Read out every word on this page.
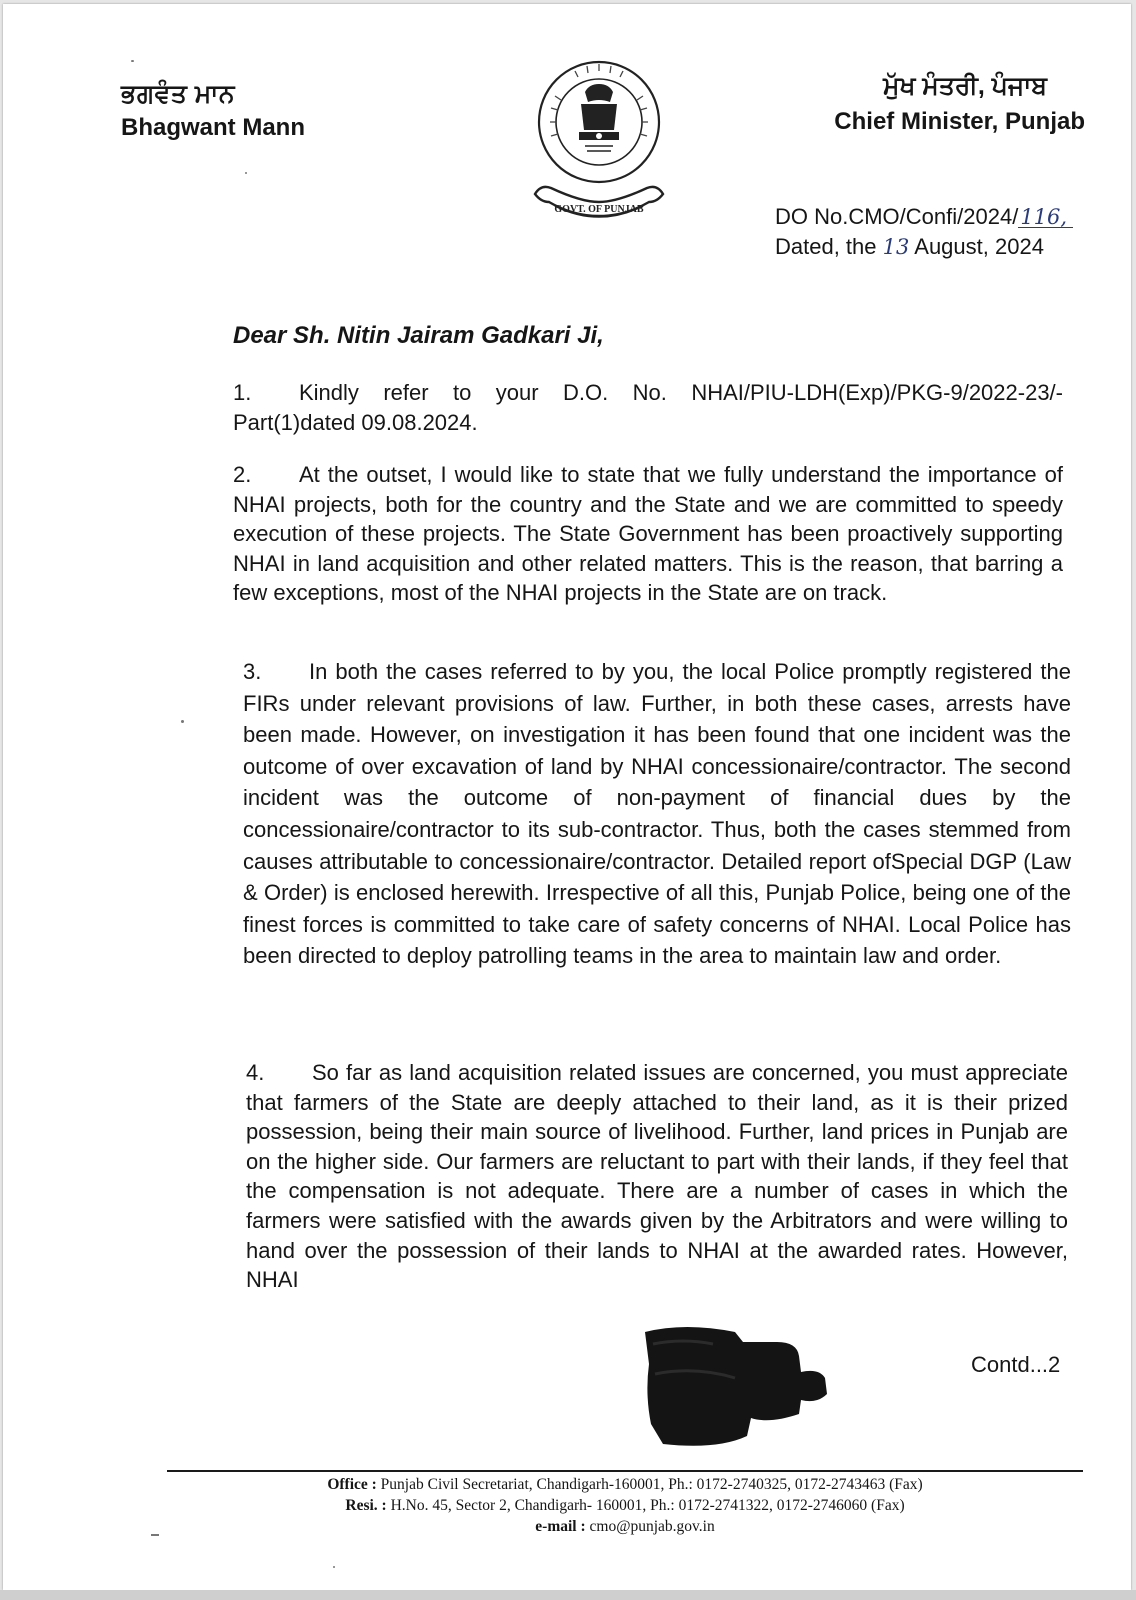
ਭਗਵੰਤ ਮਾਨ
Bhagwant Mann
GOVT. OF PUNJAB
ਮੁੱਖ ਮੰਤਰੀ, ਪੰਜਾਬ
Chief Minister, Punjab
DO No.CMO/Confi/2024/116,
Dated, the 13 August, 2024
Dear Sh. Nitin Jairam Gadkari Ji,

1. Kindly refer to your D.O. No. NHAI/PIU-LDH(Exp)/PKG-9/2022-23/-Part(1)dated 09.08.2024.

2. At the outset, I would like to state that we fully understand the importance of NHAI projects, both for the country and the State and we are committed to speedy execution of these projects. The State Government has been proactively supporting NHAI in land acquisition and other related matters. This is the reason, that barring a few exceptions, most of the NHAI projects in the State are on track.

3. In both the cases referred to by you, the local Police promptly registered the FIRs under relevant provisions of law. Further, in both these cases, arrests have been made. However, on investigation it has been found that one incident was the outcome of over excavation of land by NHAI concessionaire/contractor. The second incident was the outcome of non-payment of financial dues by the concessionaire/contractor to its sub-contractor. Thus, both the cases stemmed from causes attributable to concessionaire/contractor. Detailed report ofSpecial DGP (Law & Order) is enclosed herewith. Irrespective of all this, Punjab Police, being one of the finest forces is committed to take care of safety concerns of NHAI. Local Police has been directed to deploy patrolling teams in the area to maintain law and order.

4. So far as land acquisition related issues are concerned, you must appreciate that farmers of the State are deeply attached to their land, as it is their prized possession, being their main source of livelihood. Further, land prices in Punjab are on the higher side. Our farmers are reluctant to part with their lands, if they feel that the compensation is not adequate. There are a number of cases in which the farmers were satisfied with the awards given by the Arbitrators and were willing to hand over the possession of their lands to NHAI at the awarded rates. However, NHAI

Contd...2
Office : Punjab Civil Secretariat, Chandigarh-160001, Ph.: 0172-2740325, 0172-2743463 (Fax)
Resi. : H.No. 45, Sector 2, Chandigarh- 160001, Ph.: 0172-2741322, 0172-2746060 (Fax)
e-mail : cmo@punjab.gov.in
